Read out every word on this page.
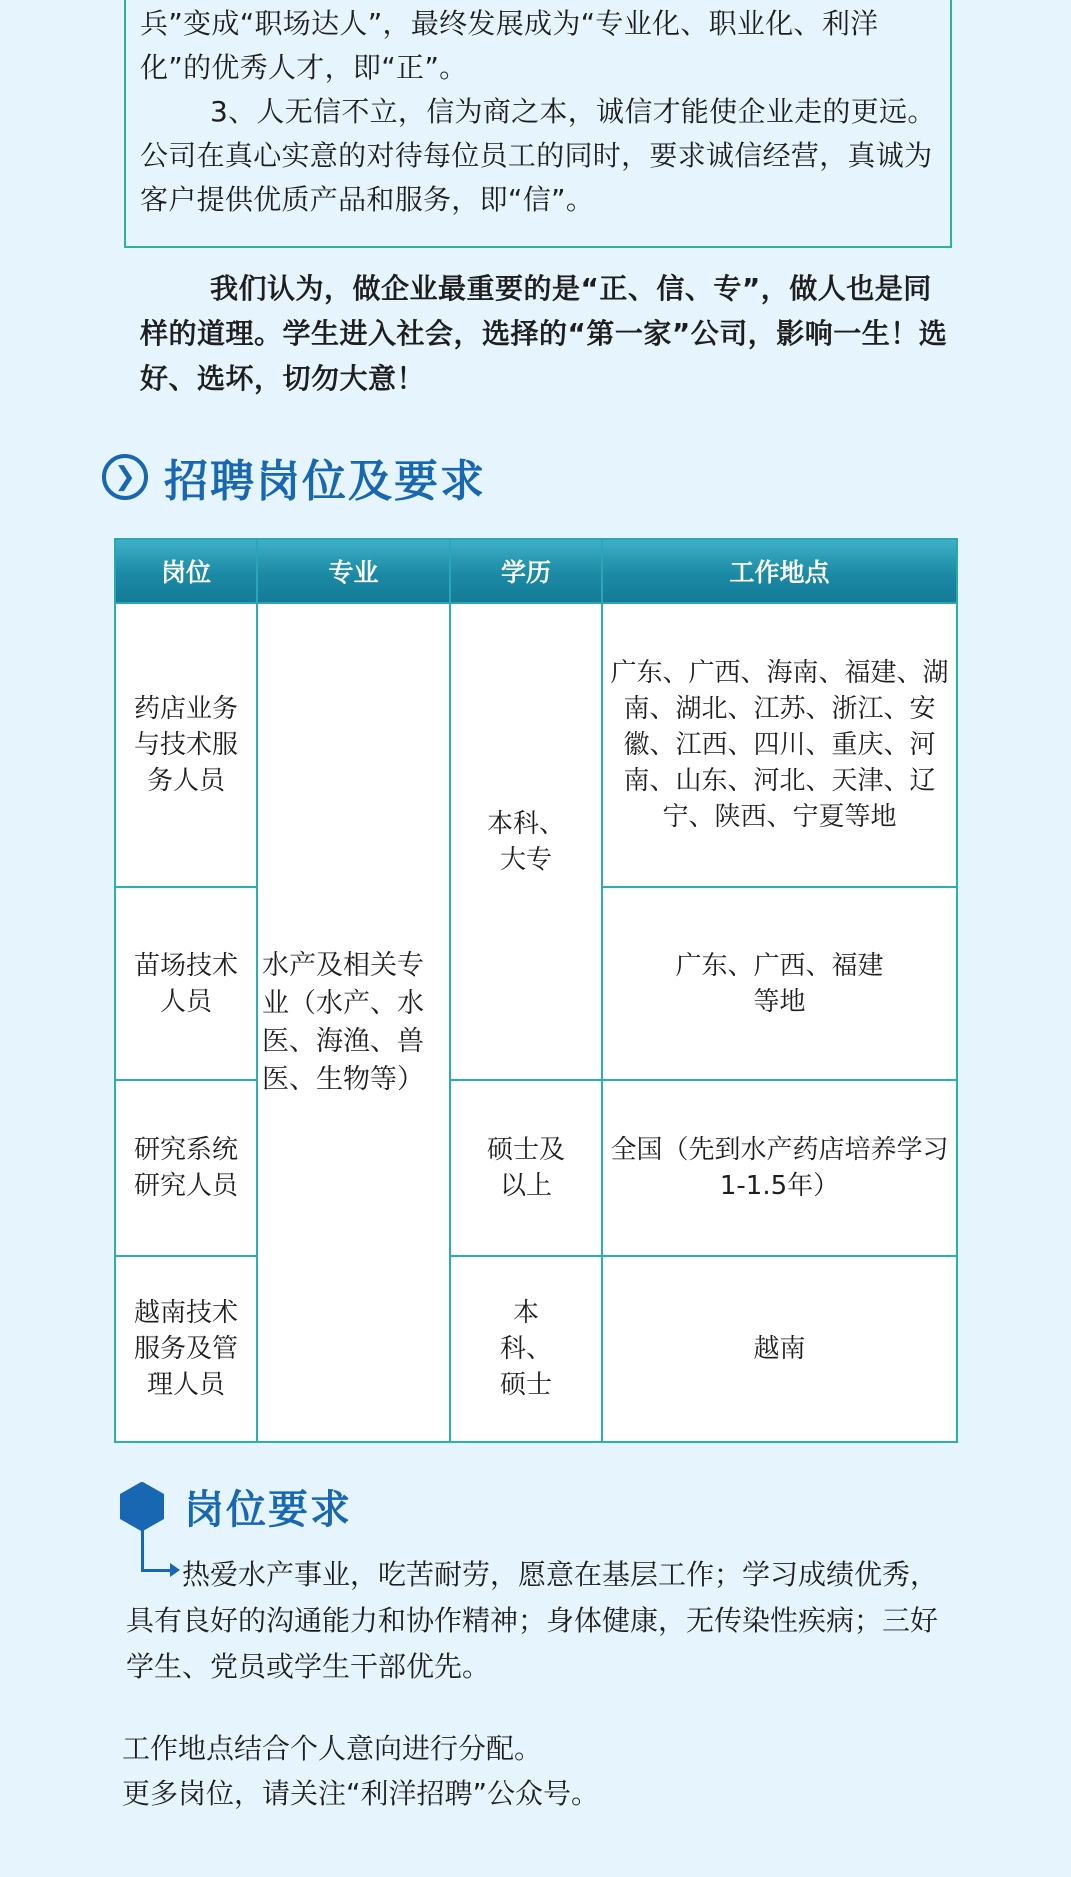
兵”变成“职场达人”，最终发展成为“专业化、职业化、利洋化”的优秀人才，即“正”。

3、人无信不立，信为商之本，诚信才能使企业走的更远。公司在真心实意的对待每位员工的同时，要求诚信经营，真诚为客户提供优质产品和服务，即“信”。

我们认为，做企业最重要的是“正、信、专”，做人也是同样的道理。学生进入社会，选择的“第一家”公司，影响一生！选好、选坏，切勿大意！

❯ 招聘岗位及要求
岗位	专业	学历	工作地点
药店业务与技术服务人员	水产及相关专业（水产、水医、海渔、兽医、生物等）	本科、大专	广东、广西、海南、福建、湖南、湖北、江苏、浙江、安徽、江西、四川、重庆、河南、山东、河北、天津、辽宁、陕西、宁夏等地
苗场技术人员			广东、广西、福建等地
研究系统研究人员		硕士及以上	全国（先到水产药店培养学习1-1.5年）
越南技术服务及管理人员		本科、硕士	越南
岗位要求

热爱水产事业，吃苦耐劳，愿意在基层工作；学习成绩优秀，具有良好的沟通能力和协作精神；身体健康，无传染性疾病；三好学生、党员或学生干部优先。

工作地点结合个人意向进行分配。

更多岗位，请关注“利洋招聘”公众号。
